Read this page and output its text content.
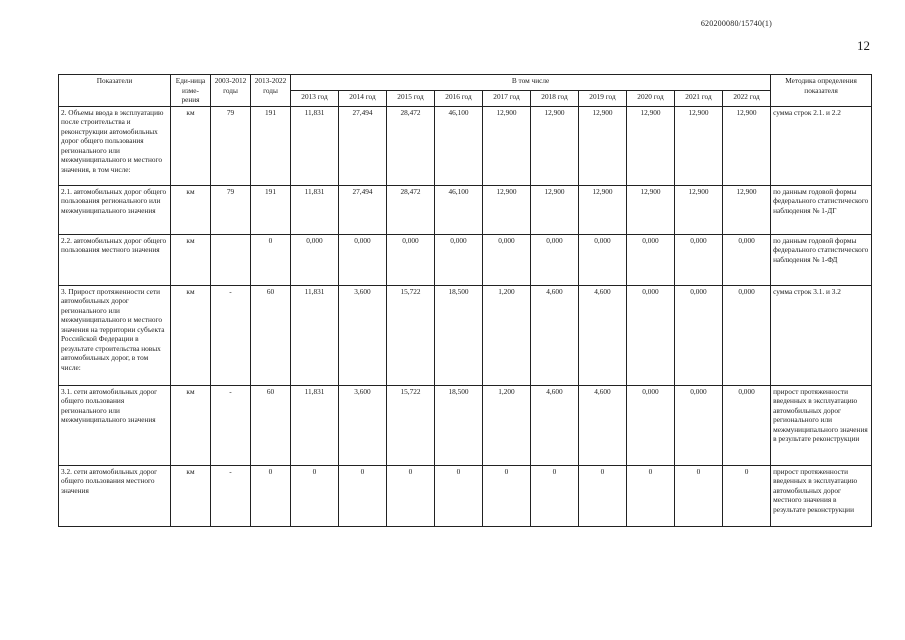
620200080/15740(1)
12
Показатели	Еди-ница изме-рения	2003-2012 годы	2013-2022 годы	В том числе										Методика определения показателя
				2013 год	2014 год	2015 год	2016 год	2017 год	2018 год	2019 год	2020 год	2021 год	2022 год	
2. Объемы ввода в эксплуатацию после строительства и реконструкции автомобильных дорог общего пользования регионального или межмуниципального и местного значения, в том числе:	км	79	191	11,831	27,494	28,472	46,100	12,900	12,900	12,900	12,900	12,900	12,900	сумма строк 2.1. и 2.2
2.1. автомобильных дорог общего пользования регионального или межмуниципального значения	км	79	191	11,831	27,494	28,472	46,100	12,900	12,900	12,900	12,900	12,900	12,900	по данным годовой формы федерального статистического наблюдения № 1-ДГ
2.2. автомобильных дорог общего пользования местного значения	км		0	0,000	0,000	0,000	0,000	0,000	0,000	0,000	0,000	0,000	0,000	по данным годовой формы федерального статистического наблюдения № 1-ФД
3. Прирост протяженности сети автомобильных дорог регионального или межмуниципального и местного значения на территории субъекта Российской Федерации в результате строительства новых автомобильных дорог, в том числе:	км	-	60	11,831	3,600	15,722	18,500	1,200	4,600	4,600	0,000	0,000	0,000	сумма строк 3.1. и 3.2
3.1. сети автомобильных дорог общего пользования регионального или межмуниципального значения	км	-	60	11,831	3,600	15,722	18,500	1,200	4,600	4,600	0,000	0,000	0,000	прирост протяженности введенных в эксплуатацию автомобильных дорог регионального или межмуниципального значения в результате реконструкции
3.2. сети автомобильных дорог общего пользования местного значения	км	-	0	0	0	0	0	0	0	0	0	0	0	прирост протяженности введенных в эксплуатацию автомобильных дорог местного значения в результате реконструкции
